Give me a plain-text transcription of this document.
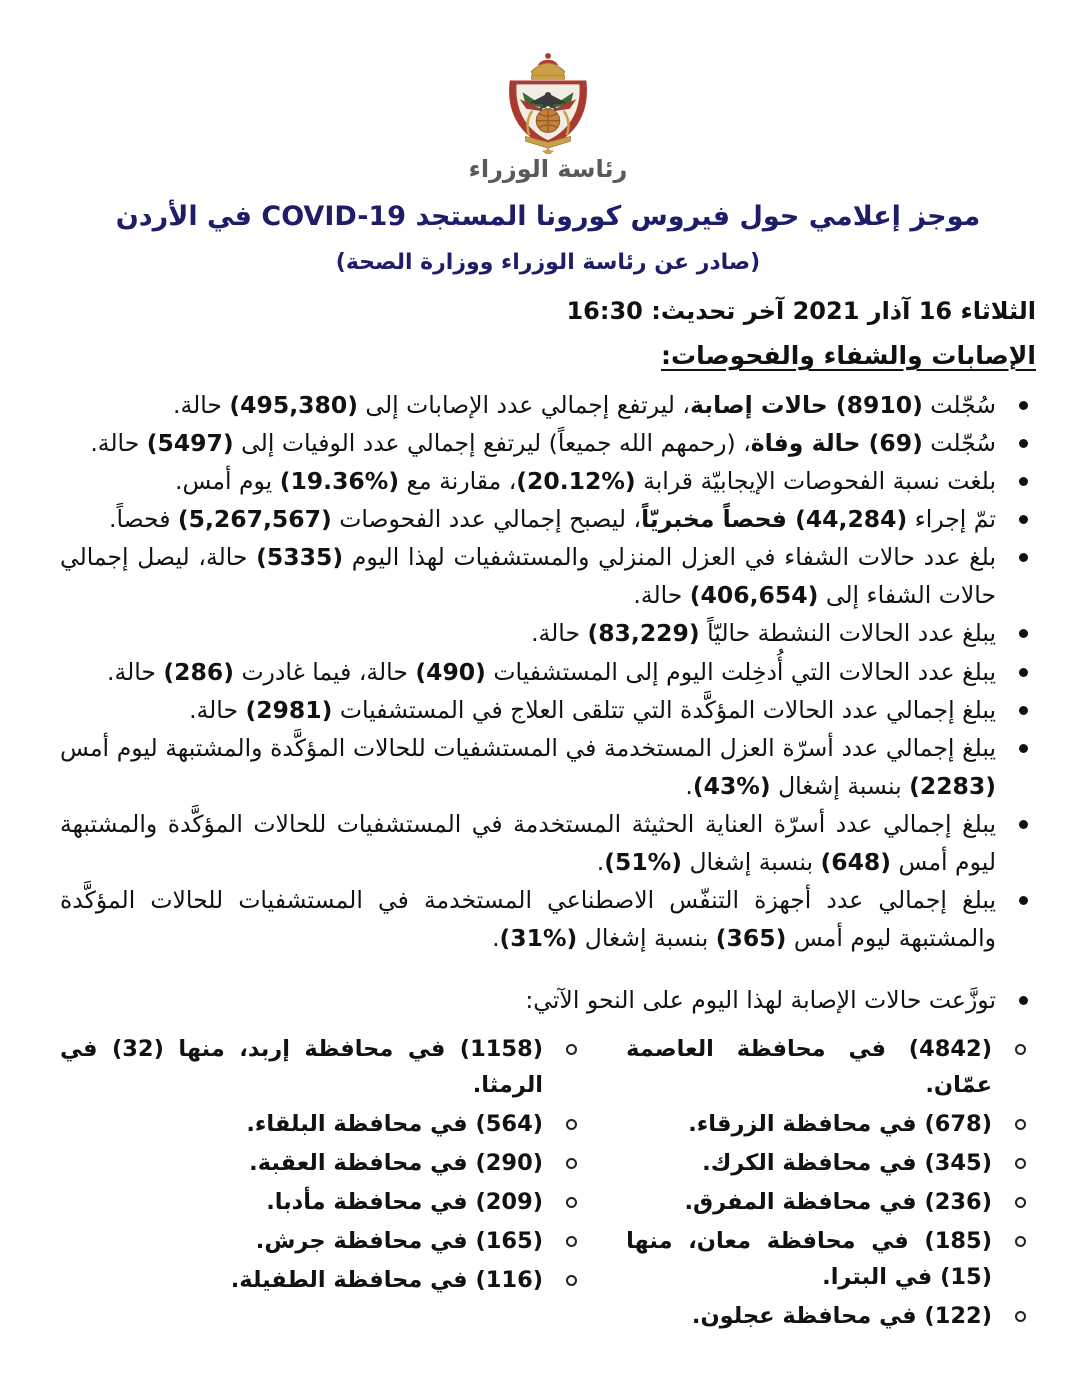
رئاسة الوزراء
موجز إعلامي حول فيروس كورونا المستجد COVID-19 في الأردن
(صادر عن رئاسة الوزراء ووزارة الصحة)
الثلاثاء 16 آذار 2021 آخر تحديث: 16:30
الإصابات والشفاء والفحوصات:
سُجّلت (8910) حالات إصابة، ليرتفع إجمالي عدد الإصابات إلى (495,380) حالة.
سُجّلت (69) حالة وفاة، (رحمهم الله جميعاً) ليرتفع إجمالي عدد الوفيات إلى (5497) حالة.
بلغت نسبة الفحوصات الإيجابيّة قرابة (%20.12)، مقارنة مع (%19.36) يوم أمس.
تمّ إجراء (44,284) فحصاً مخبريّاً، ليصبح إجمالي عدد الفحوصات (5,267,567) فحصاً.
بلغ عدد حالات الشفاء في العزل المنزلي والمستشفيات لهذا اليوم (5335) حالة، ليصل إجمالي حالات الشفاء إلى (406,654) حالة.
يبلغ عدد الحالات النشطة حاليّاً (83,229) حالة.
يبلغ عدد الحالات التي أُدخِلت اليوم إلى المستشفيات (490) حالة، فيما غادرت (286) حالة.
يبلغ إجمالي عدد الحالات المؤكَّدة التي تتلقى العلاج في المستشفيات (2981) حالة.
يبلغ إجمالي عدد أسرّة العزل المستخدمة في المستشفيات للحالات المؤكَّدة والمشتبهة ليوم أمس (2283) بنسبة إشغال (%43).
يبلغ إجمالي عدد أسرّة العناية الحثيثة المستخدمة في المستشفيات للحالات المؤكَّدة والمشتبهة ليوم أمس (648) بنسبة إشغال (%51).
يبلغ إجمالي عدد أجهزة التنفّس الاصطناعي المستخدمة في المستشفيات للحالات المؤكَّدة والمشتبهة ليوم أمس (365) بنسبة إشغال (%31).
توزَّعت حالات الإصابة لهذا اليوم على النحو الآتي:
(4842) في محافظة العاصمة عمّان.
(678) في محافظة الزرقاء.
(345) في محافظة الكرك.
(236) في محافظة المفرق.
(185) في محافظة معان، منها (15) في البترا.
(122) في محافظة عجلون.
(1158) في محافظة إربد، منها (32) في الرمثا.
(564) في محافظة البلقاء.
(290) في محافظة العقبة.
(209) في محافظة مأدبا.
(165) في محافظة جرش.
(116) في محافظة الطفيلة.
